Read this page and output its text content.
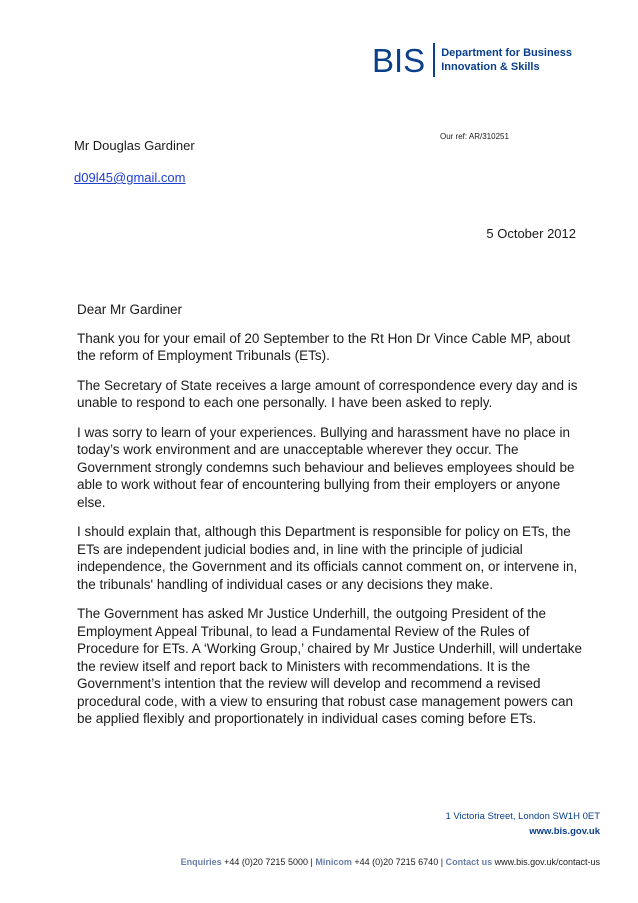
BIS Department for Business
Innovation & Skills
Our ref: AR/310251
Mr Douglas Gardiner
d09l45@gmail.com
5 October 2012

Dear Mr Gardiner

Thank you for your email of 20 September to the Rt Hon Dr Vince Cable MP, about the reform of Employment Tribunals (ETs).

The Secretary of State receives a large amount of correspondence every day and is unable to respond to each one personally. I have been asked to reply.

I was sorry to learn of your experiences. Bullying and harassment have no place in today’s work environment and are unacceptable wherever they occur. The Government strongly condemns such behaviour and believes employees should be able to work without fear of encountering bullying from their employers or anyone else.

I should explain that, although this Department is responsible for policy on ETs, the ETs are independent judicial bodies and, in line with the principle of judicial independence, the Government and its officials cannot comment on, or intervene in, the tribunals' handling of individual cases or any decisions they make.

The Government has asked Mr Justice Underhill, the outgoing President of the Employment Appeal Tribunal, to lead a Fundamental Review of the Rules of Procedure for ETs. A ‘Working Group,’ chaired by Mr Justice Underhill, will undertake the review itself and report back to Ministers with recommendations. It is the Government’s intention that the review will develop and recommend a revised procedural code, with a view to ensuring that robust case management powers can be applied flexibly and proportionately in individual cases coming before ETs.

1 Victoria Street, London SW1H 0ET
www.bis.gov.uk
Enquiries +44 (0)20 7215 5000 | Minicom +44 (0)20 7215 6740 | Contact us www.bis.gov.uk/contact-us
